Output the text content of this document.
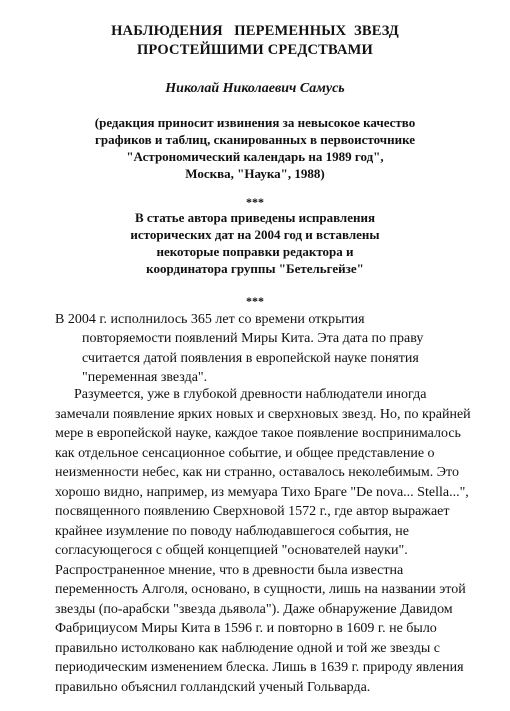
НАБЛЮДЕНИЯ   ПЕРЕМЕННЫХ  ЗВЕЗД
ПРОСТЕЙШИМИ СРЕДСТВАМИ
Николай Николаевич Самусь
(редакция приносит извинения за невысокое качество
графиков и таблиц, сканированных в первоисточнике
"Астрономический календарь на 1989 год",
Москва, "Наука", 1988)
***
В статье автора приведены исправления
исторических дат на 2004 год и вставлены
некоторые поправки редактора и
координатора группы "Бетельгейзе"
***
В 2004 г. исполнилось 365 лет со времени открытия
повторяемости появлений Миры Кита. Эта дата по праву
считается датой появления в европейской науке понятия
"переменная звезда".
Разумеется, уже в глубокой древности наблюдатели иногда
замечали появление ярких новых и сверхновых звезд. Но, по крайней
мере в европейской науке, каждое такое появление воспринималось
как отдельное сенсационное событие, и общее представление о
неизменности небес, как ни странно, оставалось неколебимым. Это
хорошо видно, например, из мемуара Тихо Браге "De nova... Stella...",
посвященного появлению Сверхновой 1572 г., где автор выражает
крайнее изумление по поводу наблюдавшегося события, не
согласующегося с общей концепцией "основателей науки".
Распространенное мнение, что в древности была известна
переменность Алголя, основано, в сущности, лишь на названии этой
звезды (по-арабски "звезда дьявола"). Даже обнаружение Давидом
Фабрициусом Миры Кита в 1596 г. и повторно в 1609 г. не было
правильно истолковано как наблюдение одной и той же звезды с
периодическим изменением блеска. Лишь в 1639 г. природу явления
правильно объяснил голландский ученый Гольварда.
